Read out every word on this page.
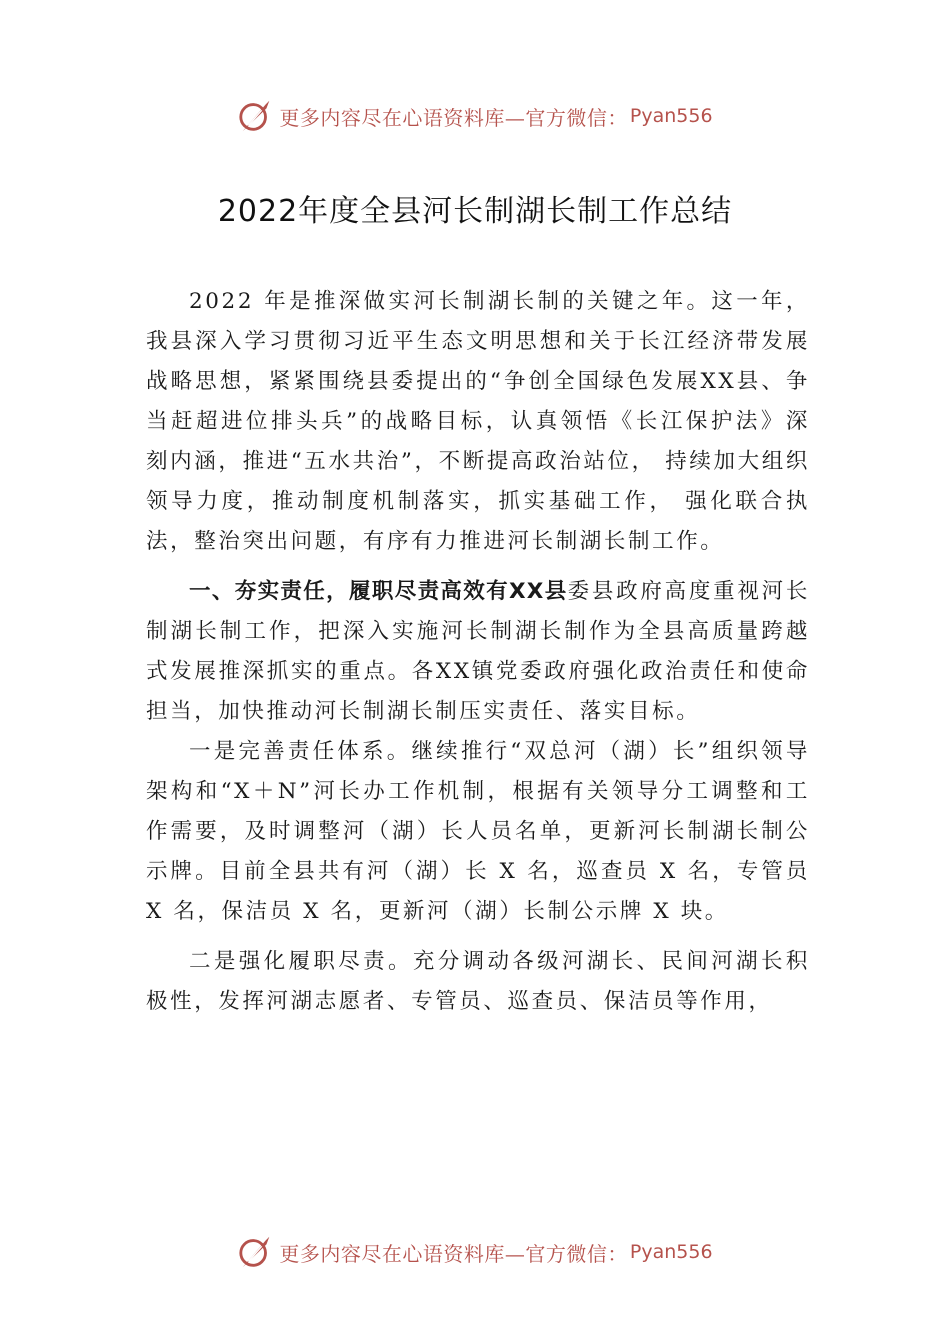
更多内容尽在心语资料库—官方微信： Pyan556
2022年度全县河长制湖长制工作总结

2022 年是推深做实河长制湖长制的关键之年。这一年，我县深入学习贯彻习近平生态文明思想和关于长江经济带发展战略思想，紧紧围绕县委提出的“争创全国绿色发展XX县、争当赶超进位排头兵”的战略目标，认真领悟《长江保护法》深刻内涵，推进“五水共治”，不断提高政治站位， 持续加大组织领导力度，推动制度机制落实，抓实基础工作， 强化联合执法，整治突出问题，有序有力推进河长制湖长制工作。

一、夯实责任，履职尽责高效有XX县委县政府高度重视河长制湖长制工作，把深入实施河长制湖长制作为全县高质量跨越式发展推深抓实的重点。各XX镇党委政府强化政治责任和使命担当，加快推动河长制湖长制压实责任、落实目标。

一是完善责任体系。继续推行“双总河（湖）长”组织领导架构和“X＋N”河长办工作机制，根据有关领导分工调整和工作需要，及时调整河（湖）长人员名单，更新河长制湖长制公示牌。目前全县共有河（湖）长 X 名，巡查员 X 名，专管员 X 名，保洁员 X 名，更新河（湖）长制公示牌 X 块。

二是强化履职尽责。充分调动各级河湖长、民间河湖长积极性，发挥河湖志愿者、专管员、巡查员、保洁员等作用，

更多内容尽在心语资料库—官方微信： Pyan556
